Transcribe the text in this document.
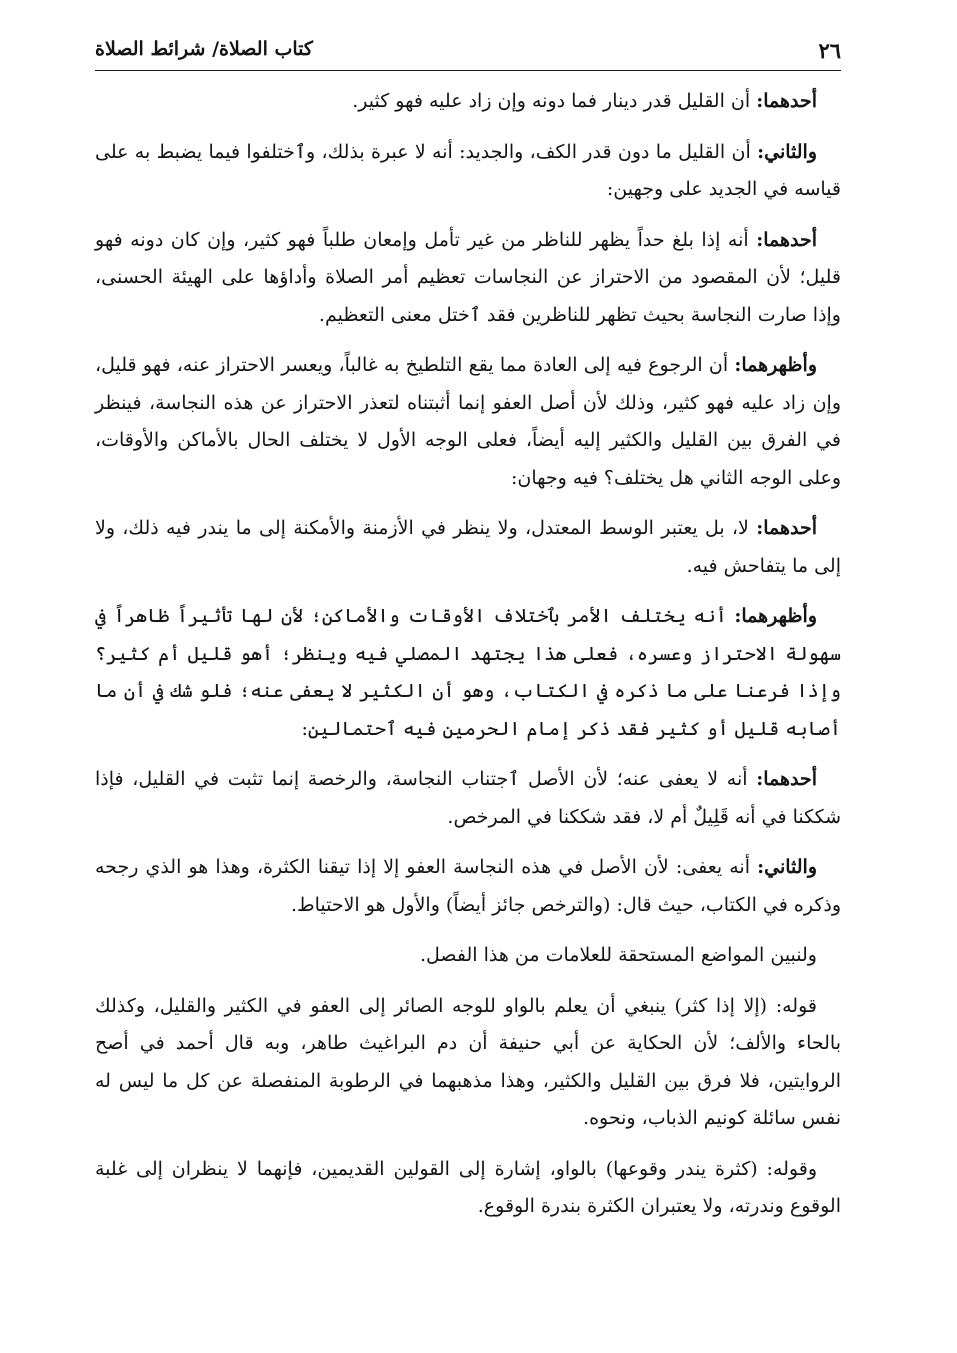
٢٦
كتاب الصلاة/ شرائط الصلاة

أحدهما: أن القليل قدر دينار فما دونه وإن زاد عليه فهو كثير.

والثاني: أن القليل ما دون قدر الكف، والجديد: أنه لا عبرة بذلك، وٱختلفوا فيما يضبط به على قياسه في الجديد على وجهين:

أحدهما: أنه إذا بلغ حداً يظهر للناظر من غير تأمل وإمعان طلباً فهو كثير، وإن كان دونه فهو قليل؛ لأن المقصود من الاحتراز عن النجاسات تعظيم أمر الصلاة وأداؤها على الهيئة الحسنى، وإذا صارت النجاسة بحيث تظهر للناظرين فقد ٱختل معنى التعظيم.

وأظهرهما: أن الرجوع فيه إلى العادة مما يقع التلطيخ به غالباً، ويعسر الاحتراز عنه، فهو قليل، وإن زاد عليه فهو كثير، وذلك لأن أصل العفو إنما أثبتناه لتعذر الاحتراز عن هذه النجاسة، فينظر في الفرق بين القليل والكثير إليه أيضاً، فعلى الوجه الأول لا يختلف الحال بالأماكن والأوقات، وعلى الوجه الثاني هل يختلف؟ فيه وجهان:

أحدهما: لا، بل يعتبر الوسط المعتدل، ولا ينظر في الأزمنة والأمكنة إلى ما يندر فيه ذلك، ولا إلى ما يتفاحش فيه.

وأظهرهما: أنه يختلف الأمر بٱختلاف الأوقات والأماكن؛ لأن لها تأثيراً ظاهراً في سهولة الاحتراز وعسره، فعلى هذا يجتهد المصلي فيه وينظر؛ أهو قليل أم كثير؟ وإذا فرعنا على ما ذكره في الكتاب، وهو أن الكثير لا يعفى عنه؛ فلو شك في أن ما أصابه قليل أو كثير فقد ذكر إمام الحرمين فيه ٱحتمالين:

أحدهما: أنه لا يعفى عنه؛ لأن الأصل ٱجتناب النجاسة، والرخصة إنما تثبت في القليل، فإذا شككنا في أنه قَلِيلٌ أم لا، فقد شككنا في المرخص.

والثاني: أنه يعفى: لأن الأصل في هذه النجاسة العفو إلا إذا تيقنا الكثرة، وهذا هو الذي رجحه وذكره في الكتاب، حيث قال: (والترخص جائز أيضاً) والأول هو الاحتياط.

ولنبين المواضع المستحقة للعلامات من هذا الفصل.

قوله: (إلا إذا كثر) ينبغي أن يعلم بالواو للوجه الصائر إلى العفو في الكثير والقليل، وكذلك بالحاء والألف؛ لأن الحكاية عن أبي حنيفة أن دم البراغيث طاهر، وبه قال أحمد في أصح الروايتين، فلا فرق بين القليل والكثير، وهذا مذهبهما في الرطوبة المنفصلة عن كل ما ليس له نفس سائلة كونيم الذباب، ونحوه.

وقوله: (كثرة يندر وقوعها) بالواو، إشارة إلى القولين القديمين، فإنهما لا ينظران إلى غلبة الوقوع وندرته، ولا يعتبران الكثرة بندرة الوقوع.
